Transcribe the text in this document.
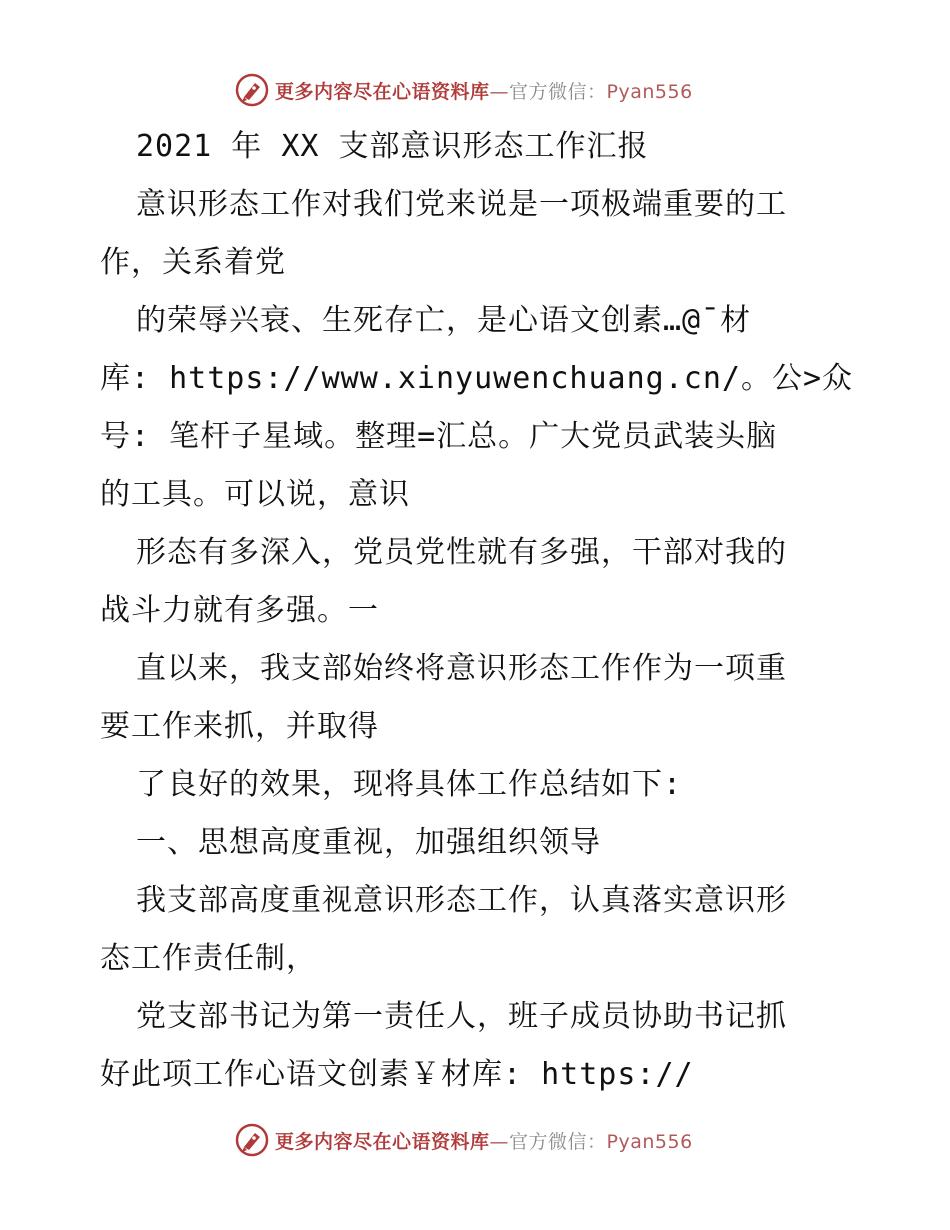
更多内容尽在心语资料库—官方微信：Pyan556
2021 年 XX 支部意识形态工作汇报
意识形态工作对我们党来说是一项极端重要的工
作，关系着党
的荣辱兴衰、生死存亡，是心语文创素…@¯材
库: https://www.xinyuwenchuang.cn/。公>众
号: 笔杆子星域。整理=汇总。广大党员武装头脑
的工具。可以说，意识
形态有多深入，党员党性就有多强，干部对我的
战斗力就有多强。一
直以来，我支部始终将意识形态工作作为一项重
要工作来抓，并取得
了良好的效果，现将具体工作总结如下:
一、思想高度重视，加强组织领导
我支部高度重视意识形态工作，认真落实意识形
态工作责任制，
党支部书记为第一责任人，班子成员协助书记抓
好此项工作心语文创素￥材库: https://
更多内容尽在心语资料库—官方微信：Pyan556
